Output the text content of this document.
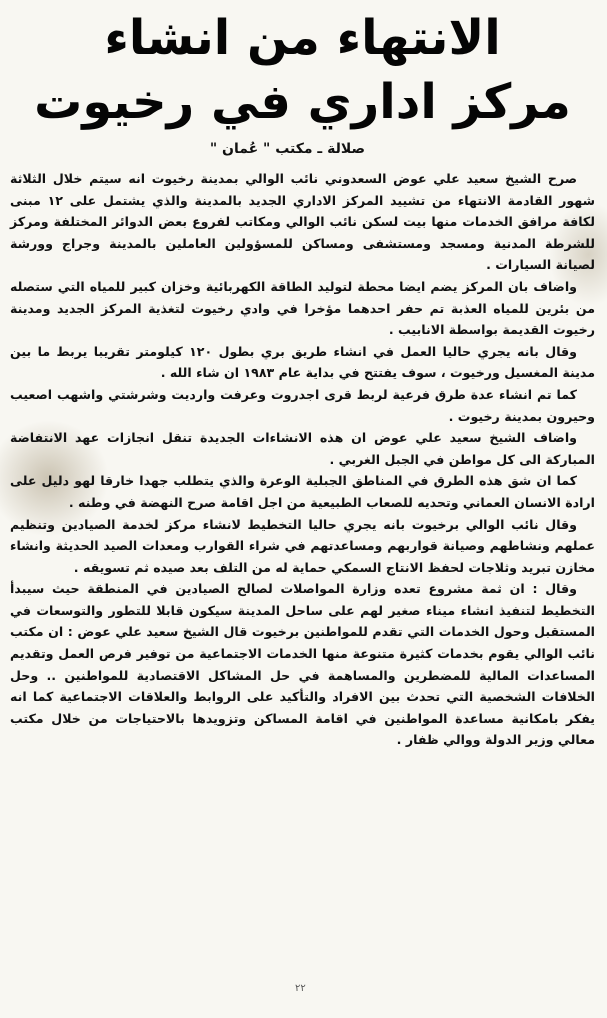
الانتهاء من انشاء
مركز اداري في رخيوت
صلالة ـ مكتب " عُمان "

صرح الشيخ سعيد علي عوض السعدوني نائب الوالي بمدينة رخيوت انه سيتم خلال الثلاثة شهور القادمة الانتهاء من تشييد المركز الاداري الجديد بالمدينة والذي يشتمل على ١٢ مبنى لكافة مرافق الخدمات منها بيت لسكن نائب الوالي ومكاتب لفروع بعض الدوائر المختلفة ومركز للشرطة المدنية ومسجد ومستشفى ومساكن للمسؤولين العاملين بالمدينة وجراج وورشة لصيانة السيارات .

واضاف بان المركز يضم ايضا محطة لتوليد الطاقة الكهربائية وخزان كبير للمياه التي ستصله من بئرين للمياه العذبة تم حفر احدهما مؤخرا في وادي رخيوت لتغذية المركز الجديد ومدينة رخيوت القديمة بواسطة الانابيب .

وقال بانه يجري حاليا العمل في انشاء طريق بري بطول ١٢٠ كيلومتر تقريبا يربط ما بين مدينة المغسيل ورخيوت ، سوف يفتتح في بداية عام ١٩٨٣ ان شاء الله .

كما تم انشاء عدة طرق فرعية لربط قرى اجدروت وعرفت وارديت وشرشتي واشهب اصعيب وحيرون بمدينة رخيوت .

واضاف الشيخ سعيد علي عوض ان هذه الانشاءات الجديدة تنقل انجازات عهد الانتفاضة المباركة الى كل مواطن في الجبل الغربي .

كما ان شق هذه الطرق في المناطق الجبلية الوعرة والذي يتطلب جهدا خارقا لهو دليل على ارادة الانسان العماني وتحديه للصعاب الطبيعية من اجل اقامة صرح النهضة في وطنه .

وقال نائب الوالي برخيوت بانه يجري حاليا التخطيط لانشاء مركز لخدمة الصيادين وتنظيم عملهم ونشاطهم وصيانة قواربهم ومساعدتهم في شراء القوارب ومعدات الصيد الحديثة وانشاء مخازن تبريد وثلاجات لحفظ الانتاج السمكي حماية له من التلف بعد صيده ثم تسويقه .

وقال : ان ثمة مشروع تعده وزارة المواصلات لصالح الصيادين في المنطقة حيث سيبدأ التخطيط لتنفيذ انشاء ميناء صغير لهم على ساحل المدينة سيكون قابلا للتطور والتوسعات في المستقبل وحول الخدمات التي تقدم للمواطنين برخيوت قال الشيخ سعيد علي عوض : ان مكتب نائب الوالي يقوم بخدمات كثيرة متنوعة منها الخدمات الاجتماعية من توفير فرص العمل وتقديم المساعدات المالية للمضطرين والمساهمة في حل المشاكل الاقتصادية للمواطنين .. وحل الخلافات الشخصية التي تحدث بين الافراد والتأكيد على الروابط والعلاقات الاجتماعية كما انه يفكر بامكانية مساعدة المواطنين في اقامة المساكن وتزويدها بالاحتياجات من خلال مكتب معالي وزير الدولة ووالي ظفار .

٢٢
